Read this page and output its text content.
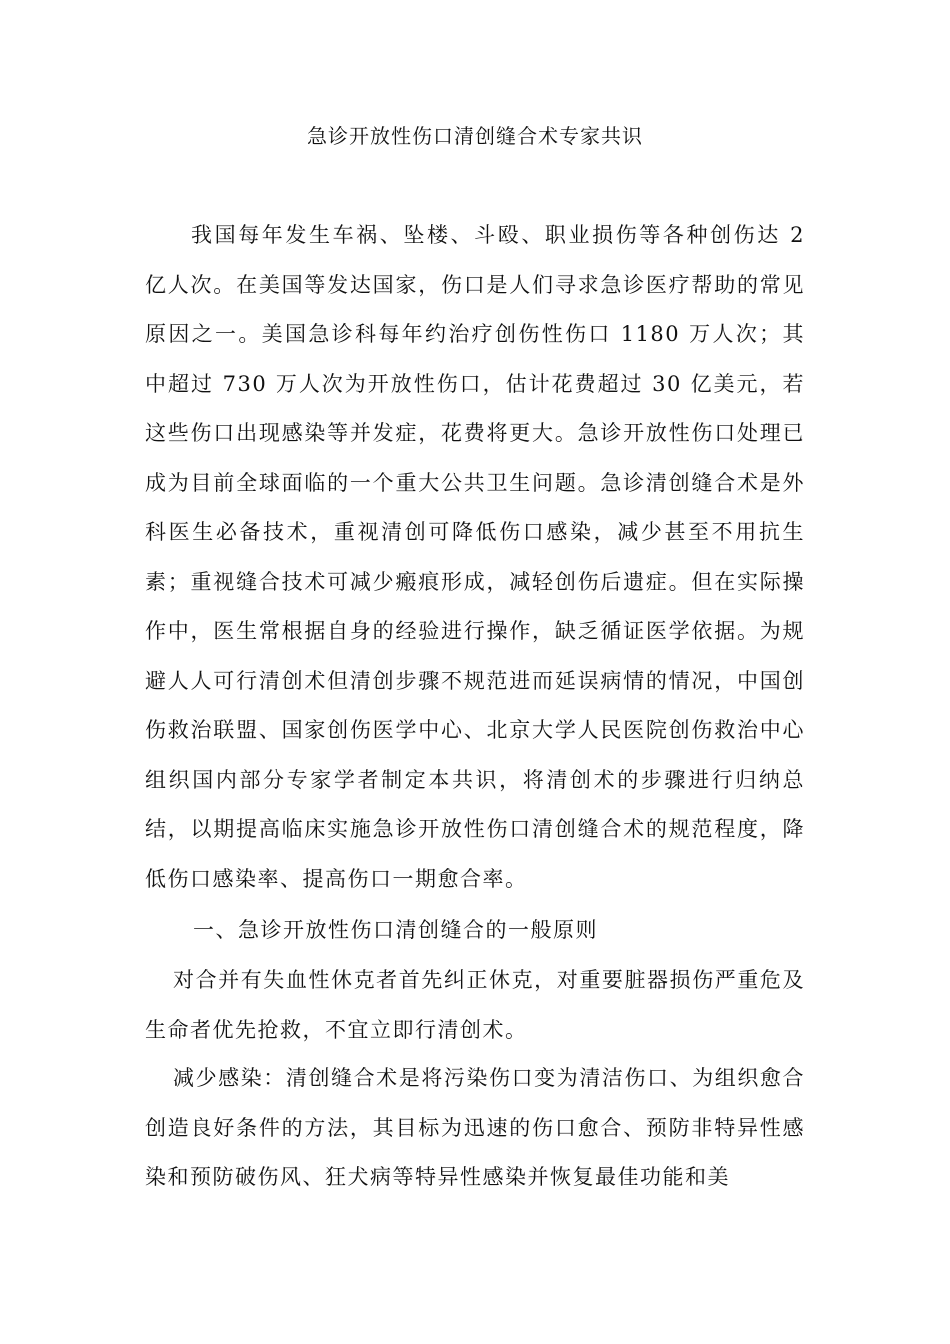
急诊开放性伤口清创缝合术专家共识

我国每年发生车祸、坠楼、斗殴、职业损伤等各种创伤达 2 亿人次。在美国等发达国家，伤口是人们寻求急诊医疗帮助的常见原因之一。美国急诊科每年约治疗创伤性伤口 1180 万人次；其中超过 730 万人次为开放性伤口，估计花费超过 30 亿美元，若这些伤口出现感染等并发症，花费将更大。急诊开放性伤口处理已成为目前全球面临的一个重大公共卫生问题。急诊清创缝合术是外科医生必备技术，重视清创可降低伤口感染，减少甚至不用抗生素；重视缝合技术可减少瘢痕形成，减轻创伤后遗症。但在实际操作中，医生常根据自身的经验进行操作，缺乏循证医学依据。为规避人人可行清创术但清创步骤不规范进而延误病情的情况，中国创伤救治联盟、国家创伤医学中心、北京大学人民医院创伤救治中心组织国内部分专家学者制定本共识，将清创术的步骤进行归纳总结，以期提高临床实施急诊开放性伤口清创缝合术的规范程度，降低伤口感染率、提高伤口一期愈合率。

一、急诊开放性伤口清创缝合的一般原则

对合并有失血性休克者首先纠正休克，对重要脏器损伤严重危及生命者优先抢救，不宜立即行清创术。

减少感染：清创缝合术是将污染伤口变为清洁伤口、为组织愈合创造良好条件的方法，其目标为迅速的伤口愈合、预防非特异性感染和预防破伤风、狂犬病等特异性感染并恢复最佳功能和美
